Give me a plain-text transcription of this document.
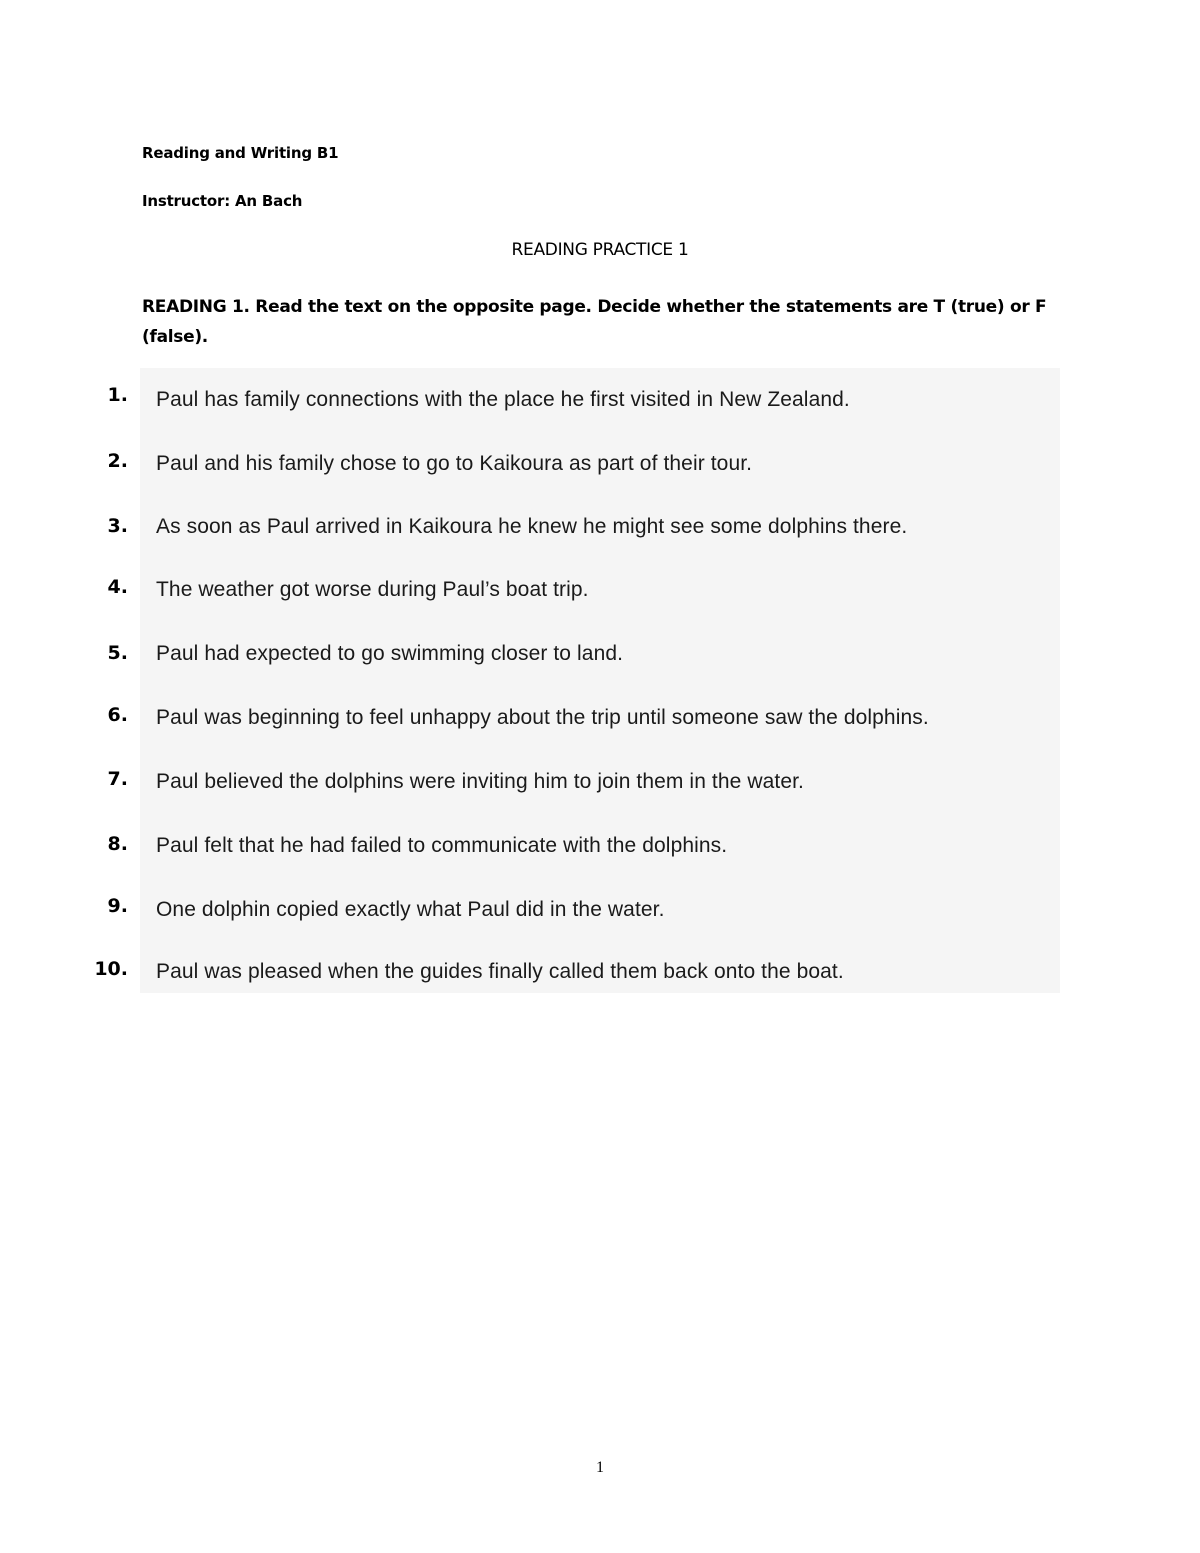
Reading and Writing B1
Instructor: An Bach
READING PRACTICE 1
READING 1. Read the text on the opposite page. Decide whether the statements are T (true) or F (false).
1. Paul has family connections with the place he first visited in New Zealand.
2. Paul and his family chose to go to Kaikoura as part of their tour.
3. As soon as Paul arrived in Kaikoura he knew he might see some dolphins there.
4. The weather got worse during Paul’s boat trip.
5. Paul had expected to go swimming closer to land.
6. Paul was beginning to feel unhappy about the trip until someone saw the dolphins.
7. Paul believed the dolphins were inviting him to join them in the water.
8. Paul felt that he had failed to communicate with the dolphins.
9. One dolphin copied exactly what Paul did in the water.
10. Paul was pleased when the guides finally called them back onto the boat.
1
